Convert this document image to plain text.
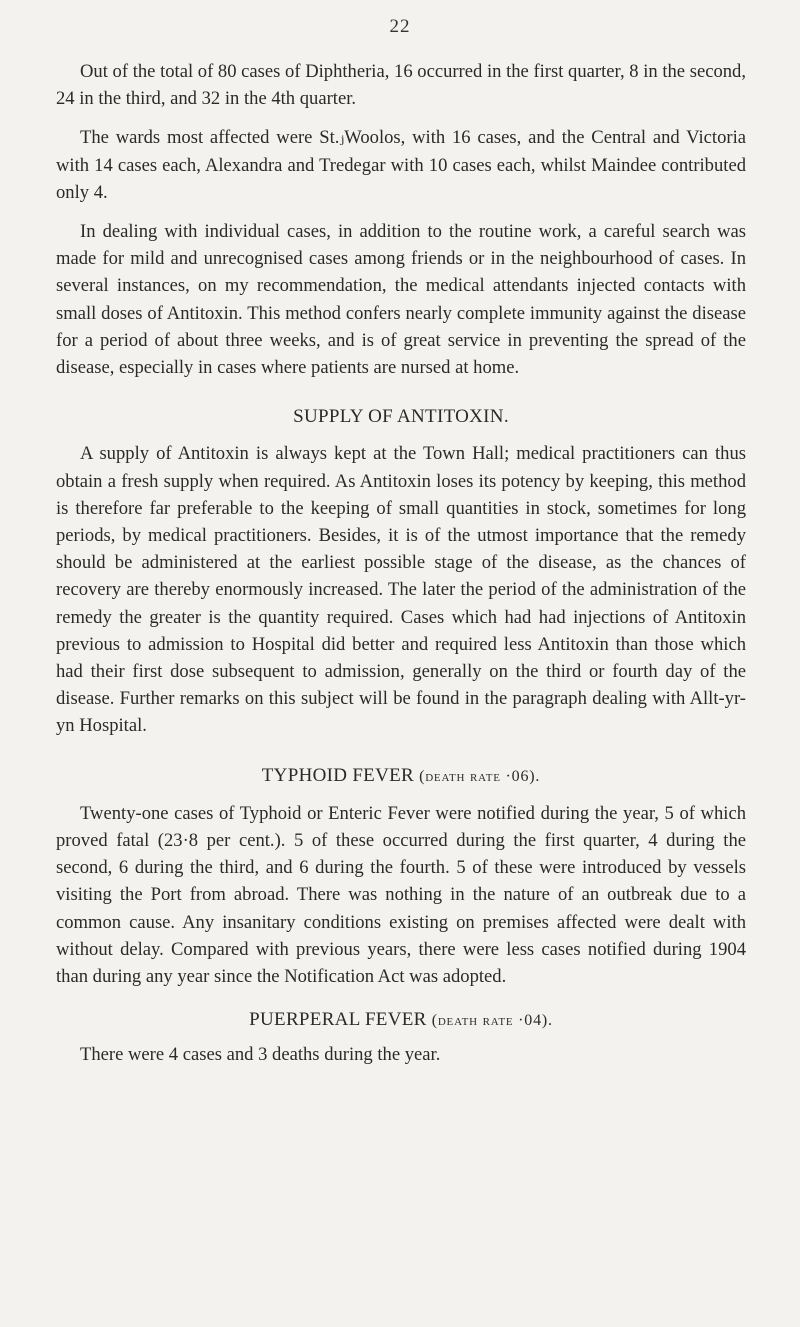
22

Out of the total of 80 cases of Diphtheria, 16 occurred in the first quarter, 8 in the second, 24 in the third, and 32 in the 4th quarter.

The wards most affected were St.ⱼWoolos, with 16 cases, and the Central and Victoria with 14 cases each, Alexandra and Tredegar with 10 cases each, whilst Maindee contributed only 4.

In dealing with individual cases, in addition to the routine work, a careful search was made for mild and unrecognised cases among friends or in the neighbourhood of cases. In several instances, on my recommendation, the medical attendants injected contacts with small doses of Antitoxin. This method confers nearly complete immunity against the disease for a period of about three weeks, and is of great service in preventing the spread of the disease, especially in cases where patients are nursed at home.

SUPPLY OF ANTITOXIN.

A supply of Antitoxin is always kept at the Town Hall; medical practitioners can thus obtain a fresh supply when required. As Antitoxin loses its potency by keeping, this method is therefore far preferable to the keeping of small quantities in stock, sometimes for long periods, by medical practitioners. Besides, it is of the utmost importance that the remedy should be administered at the earliest possible stage of the disease, as the chances of recovery are thereby enormously increased. The later the period of the administration of the remedy the greater is the quantity required. Cases which had had injections of Antitoxin previous to admission to Hospital did better and required less Antitoxin than those which had their first dose subsequent to admission, generally on the third or fourth day of the disease. Further remarks on this subject will be found in the paragraph dealing with Allt-yr-yn Hospital.

TYPHOID FEVER (death rate ·06).

Twenty-one cases of Typhoid or Enteric Fever were notified during the year, 5 of which proved fatal (23·8 per cent.). 5 of these occurred during the first quarter, 4 during the second, 6 during the third, and 6 during the fourth. 5 of these were introduced by vessels visiting the Port from abroad. There was nothing in the nature of an outbreak due to a common cause. Any insanitary conditions existing on premises affected were dealt with without delay. Compared with previous years, there were less cases notified during 1904 than during any year since the Notification Act was adopted.

PUERPERAL FEVER (death rate ·04).

There were 4 cases and 3 deaths during the year.
